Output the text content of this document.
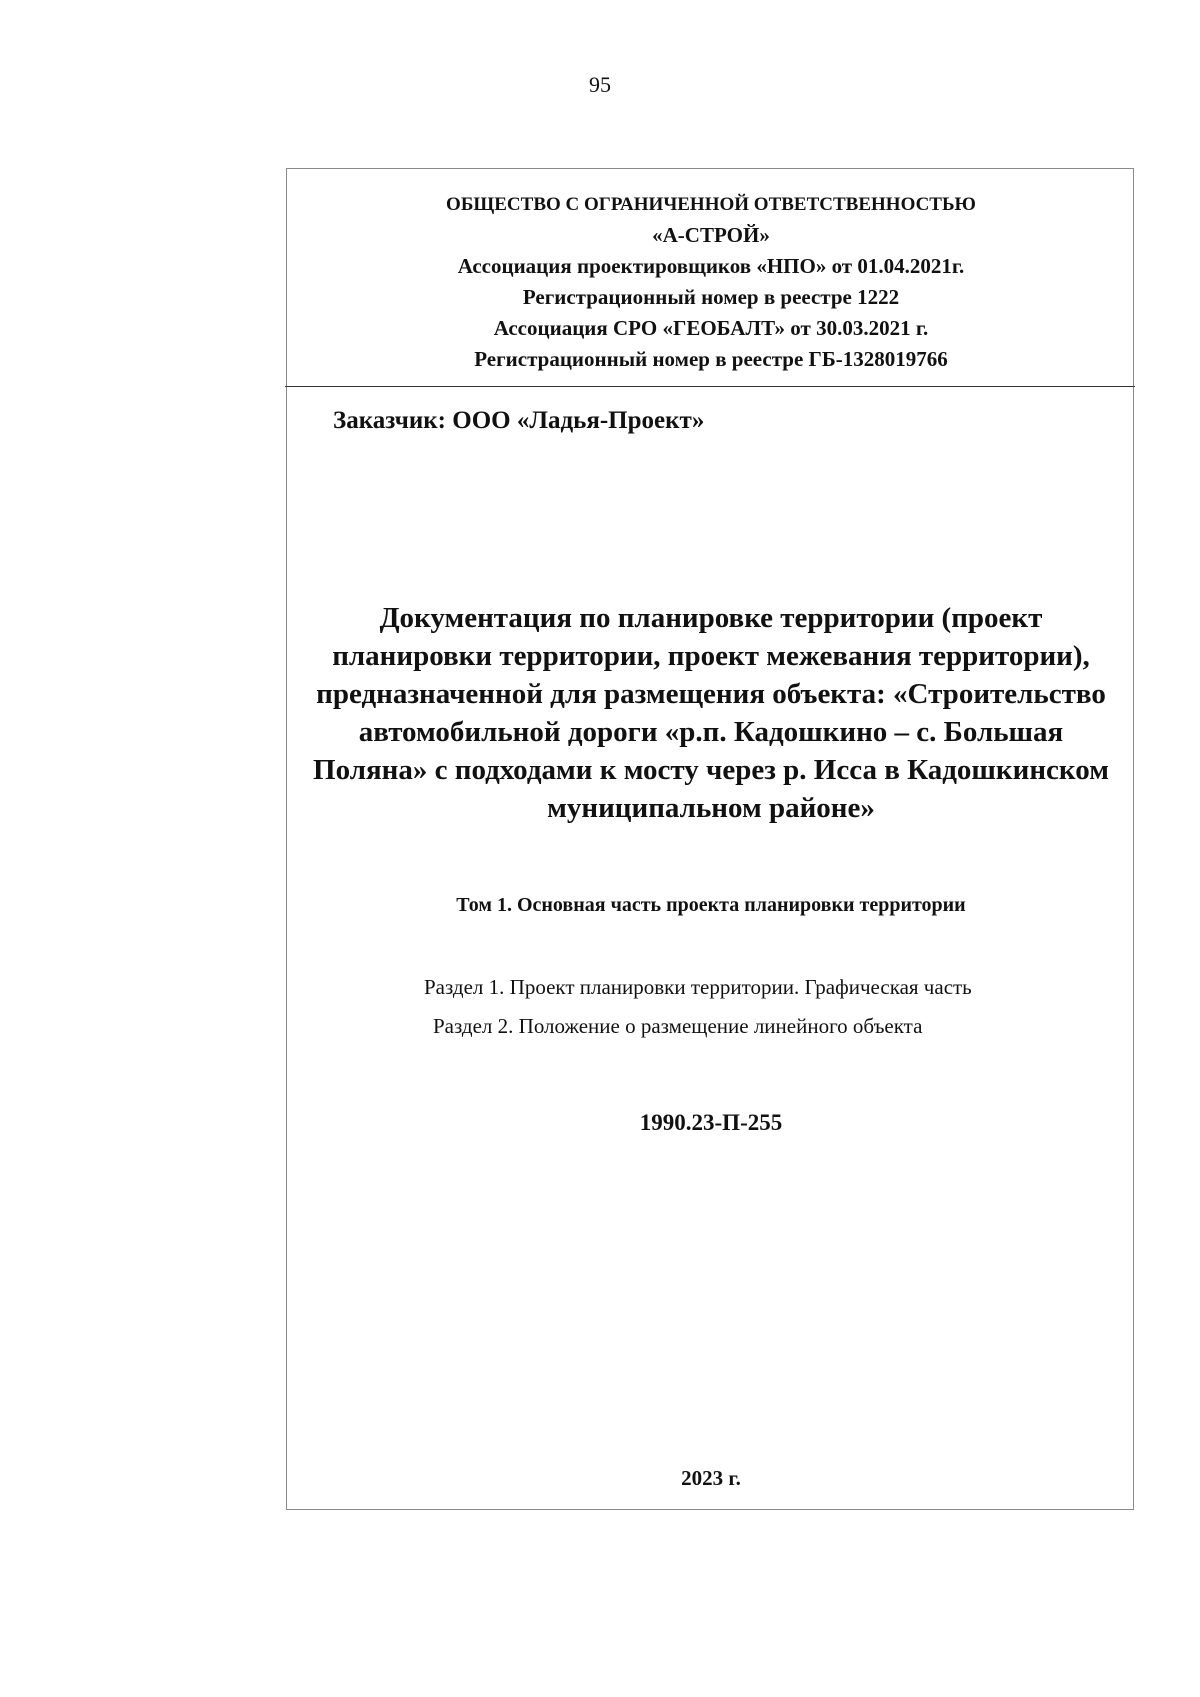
95
ОБЩЕСТВО С ОГРАНИЧЕННОЙ ОТВЕТСТВЕННОСТЬЮ
«А-СТРОЙ»
Ассоциация проектировщиков «НПО» от 01.04.2021г.
Регистрационный номер в реестре 1222
Ассоциация СРО «ГЕОБАЛТ» от 30.03.2021 г.
Регистрационный номер в реестре ГБ-1328019766
Заказчик: ООО «Ладья-Проект»
Документация по планировке территории (проект
планировки территории, проект межевания территории),
предназначенной для размещения объекта: «Строительство
автомобильной дороги «р.п. Кадошкино – с. Большая
Поляна» с подходами к мосту через р. Исса в Кадошкинском
муниципальном районе»
Том 1. Основная часть проекта планировки территории
Раздел 1. Проект планировки территории. Графическая часть
Раздел 2. Положение о размещение линейного объекта
1990.23-П-255
2023 г.
